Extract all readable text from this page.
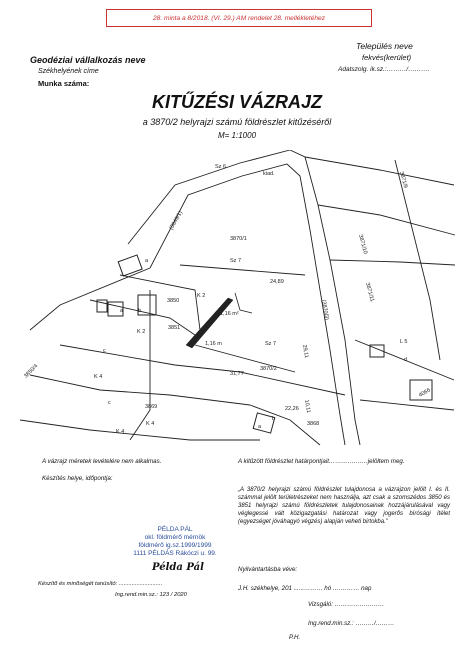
28. minta a 8/2018. (VI. 29.) AM rendelet 28. mellékletéhez
Geodéziai vállalkozás neve
Székhelyének címe
Munka száma:
Település neve
fekvés(kerület)
Adatszolg. ik.sz.:………/……….
KITŰZÉSI VÁZRAJZ
a 3870/2 helyrajzi számú földrészlet kitűzéséről
M= 1:1000
3870/1
Sz 7
Sz 6
Sz 7
3870/2
3850
K 2
3851
K 2
K 4
3869
K 4
K 4
3871/10
3871/11
3871/9
(3870/3)
(3849/1)
3868
L 5
4066
3850/4
a
a	b
c
c
b
a
d
kiad.
1,16 m
1,16 m²
24,89
31,77
22,26 10,11
29,11
A vázrajz méretek levételére nem alkalmas.
Készítés helye, időpontja:
PÉLDA PÁL
okl. földmérő mérnök
földmérő ig.sz.1999/1999
1111 PÉLDÁS Rákóczi u. 99.
Példa Pál
Készítő és minőségét tanúsító: ...........................
Ing.rend.min.sz.: 123 / 2020
A kitűzött földrészlet határpontjait……………….jelöltem meg.
„A 3870/2 helyrajzi számú földrészlet tulajdonosa a vázrajzon jelölt I. és II. számmal jelölt területrészeket nem használja, azt csak a szomszédos 3850 és 3851 helyrajzi számú földrészletek tulajdonosainak hozzájárulásával vagy véglegessé vált közigazgatási határozat vagy jogerős bírósági ítélet (egyezséget jóváhagyó végzés) alapján veheti birtokba."
Nyilvántartásba véve:
J.H. székhelye, 201 ......……… hó .………… nap
Vizsgáló: ……………………
Ing.rend.min.sz.: ………/………
P.H.
